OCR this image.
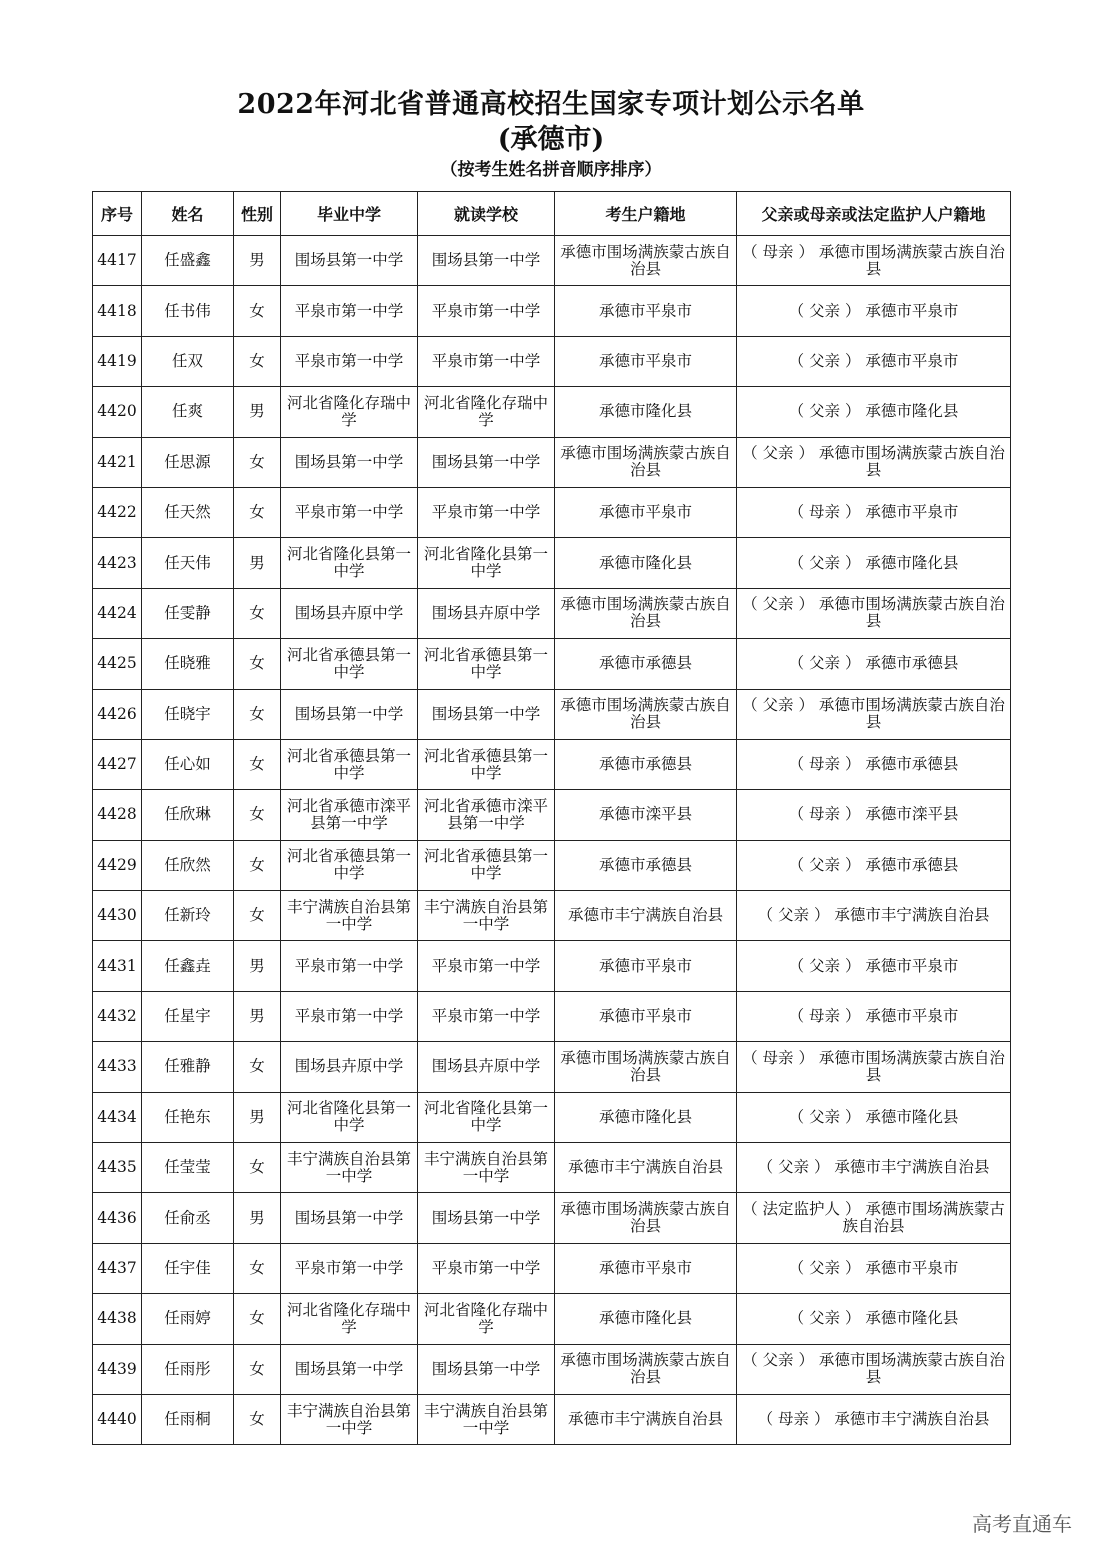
2022年河北省普通高校招生国家专项计划公示名单
(承德市)
（按考生姓名拼音顺序排序）
序号	姓名	性别	毕业中学	就读学校	考生户籍地	父亲或母亲或法定监护人户籍地
4417	任盛鑫	男	围场县第一中学	围场县第一中学	承德市围场满族蒙古族自治县	（ 母亲 ） 承德市围场满族蒙古族自治县
4418	任书伟	女	平泉市第一中学	平泉市第一中学	承德市平泉市	（ 父亲 ） 承德市平泉市
4419	任双	女	平泉市第一中学	平泉市第一中学	承德市平泉市	（ 父亲 ） 承德市平泉市
4420	任爽	男	河北省隆化存瑞中学	河北省隆化存瑞中学	承德市隆化县	（ 父亲 ） 承德市隆化县
4421	任思源	女	围场县第一中学	围场县第一中学	承德市围场满族蒙古族自治县	（ 父亲 ） 承德市围场满族蒙古族自治县
4422	任天然	女	平泉市第一中学	平泉市第一中学	承德市平泉市	（ 母亲 ） 承德市平泉市
4423	任天伟	男	河北省隆化县第一中学	河北省隆化县第一中学	承德市隆化县	（ 父亲 ） 承德市隆化县
4424	任雯静	女	围场县卉原中学	围场县卉原中学	承德市围场满族蒙古族自治县	（ 父亲 ） 承德市围场满族蒙古族自治县
4425	任晓雅	女	河北省承德县第一中学	河北省承德县第一中学	承德市承德县	（ 父亲 ） 承德市承德县
4426	任晓宇	女	围场县第一中学	围场县第一中学	承德市围场满族蒙古族自治县	（ 父亲 ） 承德市围场满族蒙古族自治县
4427	任心如	女	河北省承德县第一中学	河北省承德县第一中学	承德市承德县	（ 母亲 ） 承德市承德县
4428	任欣琳	女	河北省承德市滦平县第一中学	河北省承德市滦平县第一中学	承德市滦平县	（ 母亲 ） 承德市滦平县
4429	任欣然	女	河北省承德县第一中学	河北省承德县第一中学	承德市承德县	（ 父亲 ） 承德市承德县
4430	任新玲	女	丰宁满族自治县第一中学	丰宁满族自治县第一中学	承德市丰宁满族自治县	（ 父亲 ） 承德市丰宁满族自治县
4431	任鑫垚	男	平泉市第一中学	平泉市第一中学	承德市平泉市	（ 父亲 ） 承德市平泉市
4432	任星宇	男	平泉市第一中学	平泉市第一中学	承德市平泉市	（ 母亲 ） 承德市平泉市
4433	任雅静	女	围场县卉原中学	围场县卉原中学	承德市围场满族蒙古族自治县	（ 母亲 ） 承德市围场满族蒙古族自治县
4434	任艳东	男	河北省隆化县第一中学	河北省隆化县第一中学	承德市隆化县	（ 父亲 ） 承德市隆化县
4435	任莹莹	女	丰宁满族自治县第一中学	丰宁满族自治县第一中学	承德市丰宁满族自治县	（ 父亲 ） 承德市丰宁满族自治县
4436	任俞丞	男	围场县第一中学	围场县第一中学	承德市围场满族蒙古族自治县	（ 法定监护人 ） 承德市围场满族蒙古族自治县
4437	任宇佳	女	平泉市第一中学	平泉市第一中学	承德市平泉市	（ 父亲 ） 承德市平泉市
4438	任雨婷	女	河北省隆化存瑞中学	河北省隆化存瑞中学	承德市隆化县	（ 父亲 ） 承德市隆化县
4439	任雨彤	女	围场县第一中学	围场县第一中学	承德市围场满族蒙古族自治县	（ 父亲 ） 承德市围场满族蒙古族自治县
4440	任雨桐	女	丰宁满族自治县第一中学	丰宁满族自治县第一中学	承德市丰宁满族自治县	（ 母亲 ） 承德市丰宁满族自治县
高考直通车
